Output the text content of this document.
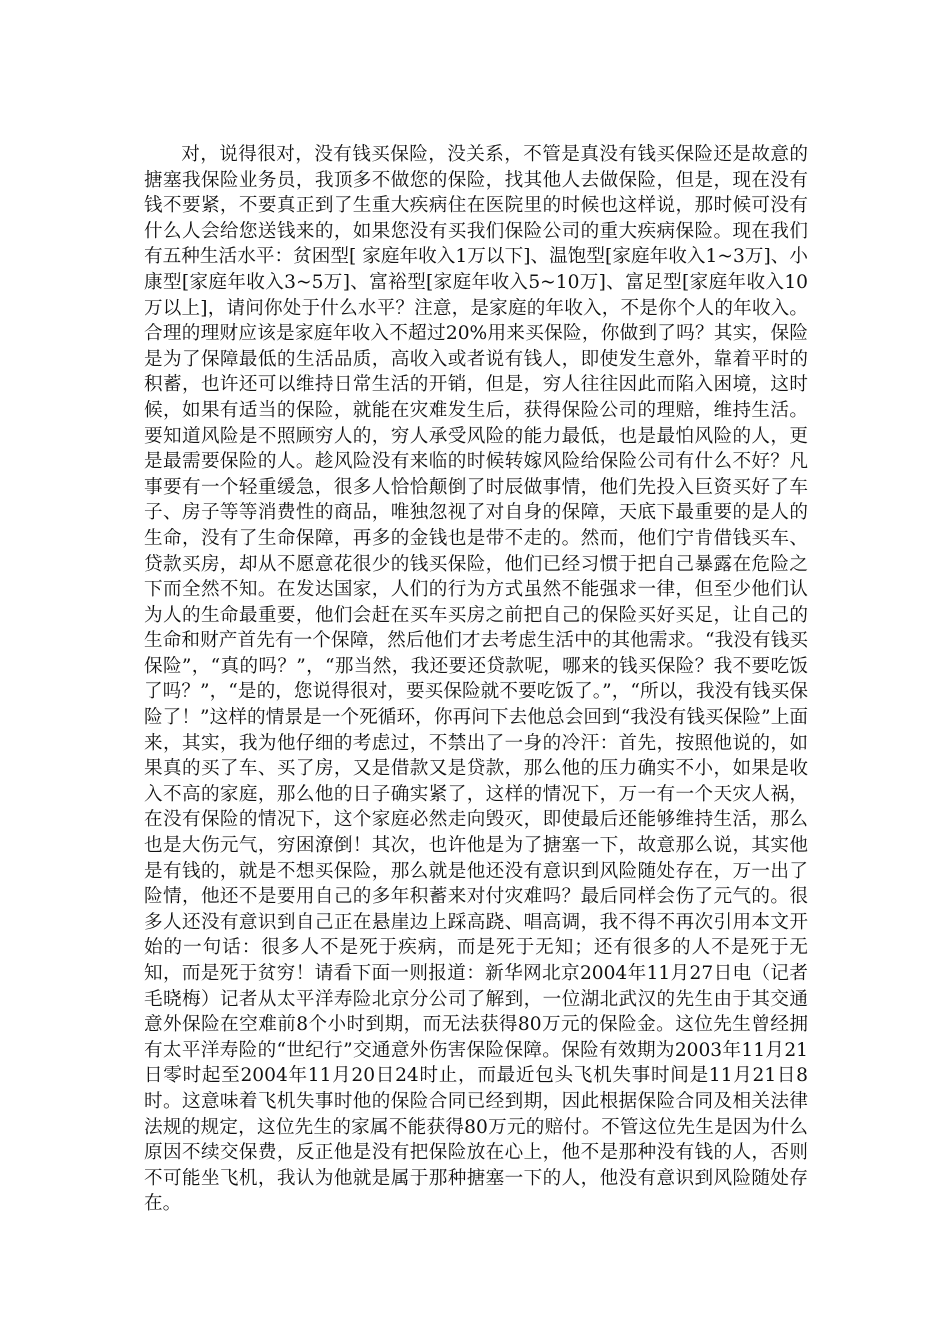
对，说得很对，没有钱买保险，没关系，不管是真没有钱买保险还是故意的搪塞我保险业务员，我顶多不做您的保险，找其他人去做保险，但是，现在没有钱不要紧，不要真正到了生重大疾病住在医院里的时候也这样说，那时候可没有什么人会给您送钱来的，如果您没有买我们保险公司的重大疾病保险。现在我们有五种生活水平：贫困型[ 家庭年收入1万以下]、温饱型[家庭年收入1~3万]、小康型[家庭年收入3~5万]、富裕型[家庭年收入5~10万]、富足型[家庭年收入10万以上]，请问你处于什么水平？注意，是家庭的年收入，不是你个人的年收入。合理的理财应该是家庭年收入不超过20%用来买保险，你做到了吗？其实，保险是为了保障最低的生活品质，高收入或者说有钱人，即使发生意外，靠着平时的积蓄，也许还可以维持日常生活的开销，但是，穷人往往因此而陷入困境，这时候，如果有适当的保险，就能在灾难发生后，获得保险公司的理赔，维持生活。要知道风险是不照顾穷人的，穷人承受风险的能力最低，也是最怕风险的人，更是最需要保险的人。趁风险没有来临的时候转嫁风险给保险公司有什么不好？凡事要有一个轻重缓急，很多人恰恰颠倒了时辰做事情，他们先投入巨资买好了车子、房子等等消费性的商品，唯独忽视了对自身的保障，天底下最重要的是人的生命，没有了生命保障，再多的金钱也是带不走的。然而，他们宁肯借钱买车、贷款买房，却从不愿意花很少的钱买保险，他们已经习惯于把自己暴露在危险之下而全然不知。在发达国家，人们的行为方式虽然不能强求一律，但至少他们认为人的生命最重要，他们会赶在买车买房之前把自己的保险买好买足，让自己的生命和财产首先有一个保障，然后他们才去考虑生活中的其他需求。“我没有钱买保险”，“真的吗？”，“那当然，我还要还贷款呢，哪来的钱买保险？我不要吃饭了吗？”，“是的，您说得很对，要买保险就不要吃饭了。”，“所以，我没有钱买保险了！”这样的情景是一个死循环，你再问下去他总会回到“我没有钱买保险”上面来，其实，我为他仔细的考虑过，不禁出了一身的冷汗：首先，按照他说的，如果真的买了车、买了房，又是借款又是贷款，那么他的压力确实不小，如果是收入不高的家庭，那么他的日子确实紧了，这样的情况下，万一有一个天灾人祸，在没有保险的情况下，这个家庭必然走向毁灭，即使最后还能够维持生活，那么也是大伤元气，穷困潦倒！其次，也许他是为了搪塞一下，故意那么说，其实他是有钱的，就是不想买保险，那么就是他还没有意识到风险随处存在，万一出了险情，他还不是要用自己的多年积蓄来对付灾难吗？最后同样会伤了元气的。很多人还没有意识到自己正在悬崖边上踩高跷、唱高调，我不得不再次引用本文开始的一句话：很多人不是死于疾病，而是死于无知；还有很多的人不是死于无知，而是死于贫穷！请看下面一则报道：新华网北京2004年11月27日电（记者毛晓梅）记者从太平洋寿险北京分公司了解到，一位湖北武汉的先生由于其交通意外保险在空难前8个小时到期，而无法获得80万元的保险金。这位先生曾经拥有太平洋寿险的“世纪行”交通意外伤害保险保障。保险有效期为2003年11月21日零时起至2004年11月20日24时止，而最近包头飞机失事时间是11月21日8时。这意味着飞机失事时他的保险合同已经到期，因此根据保险合同及相关法律法规的规定，这位先生的家属不能获得80万元的赔付。不管这位先生是因为什么原因不续交保费，反正他是没有把保险放在心上，他不是那种没有钱的人，否则不可能坐飞机，我认为他就是属于那种搪塞一下的人，他没有意识到风险随处存在。
